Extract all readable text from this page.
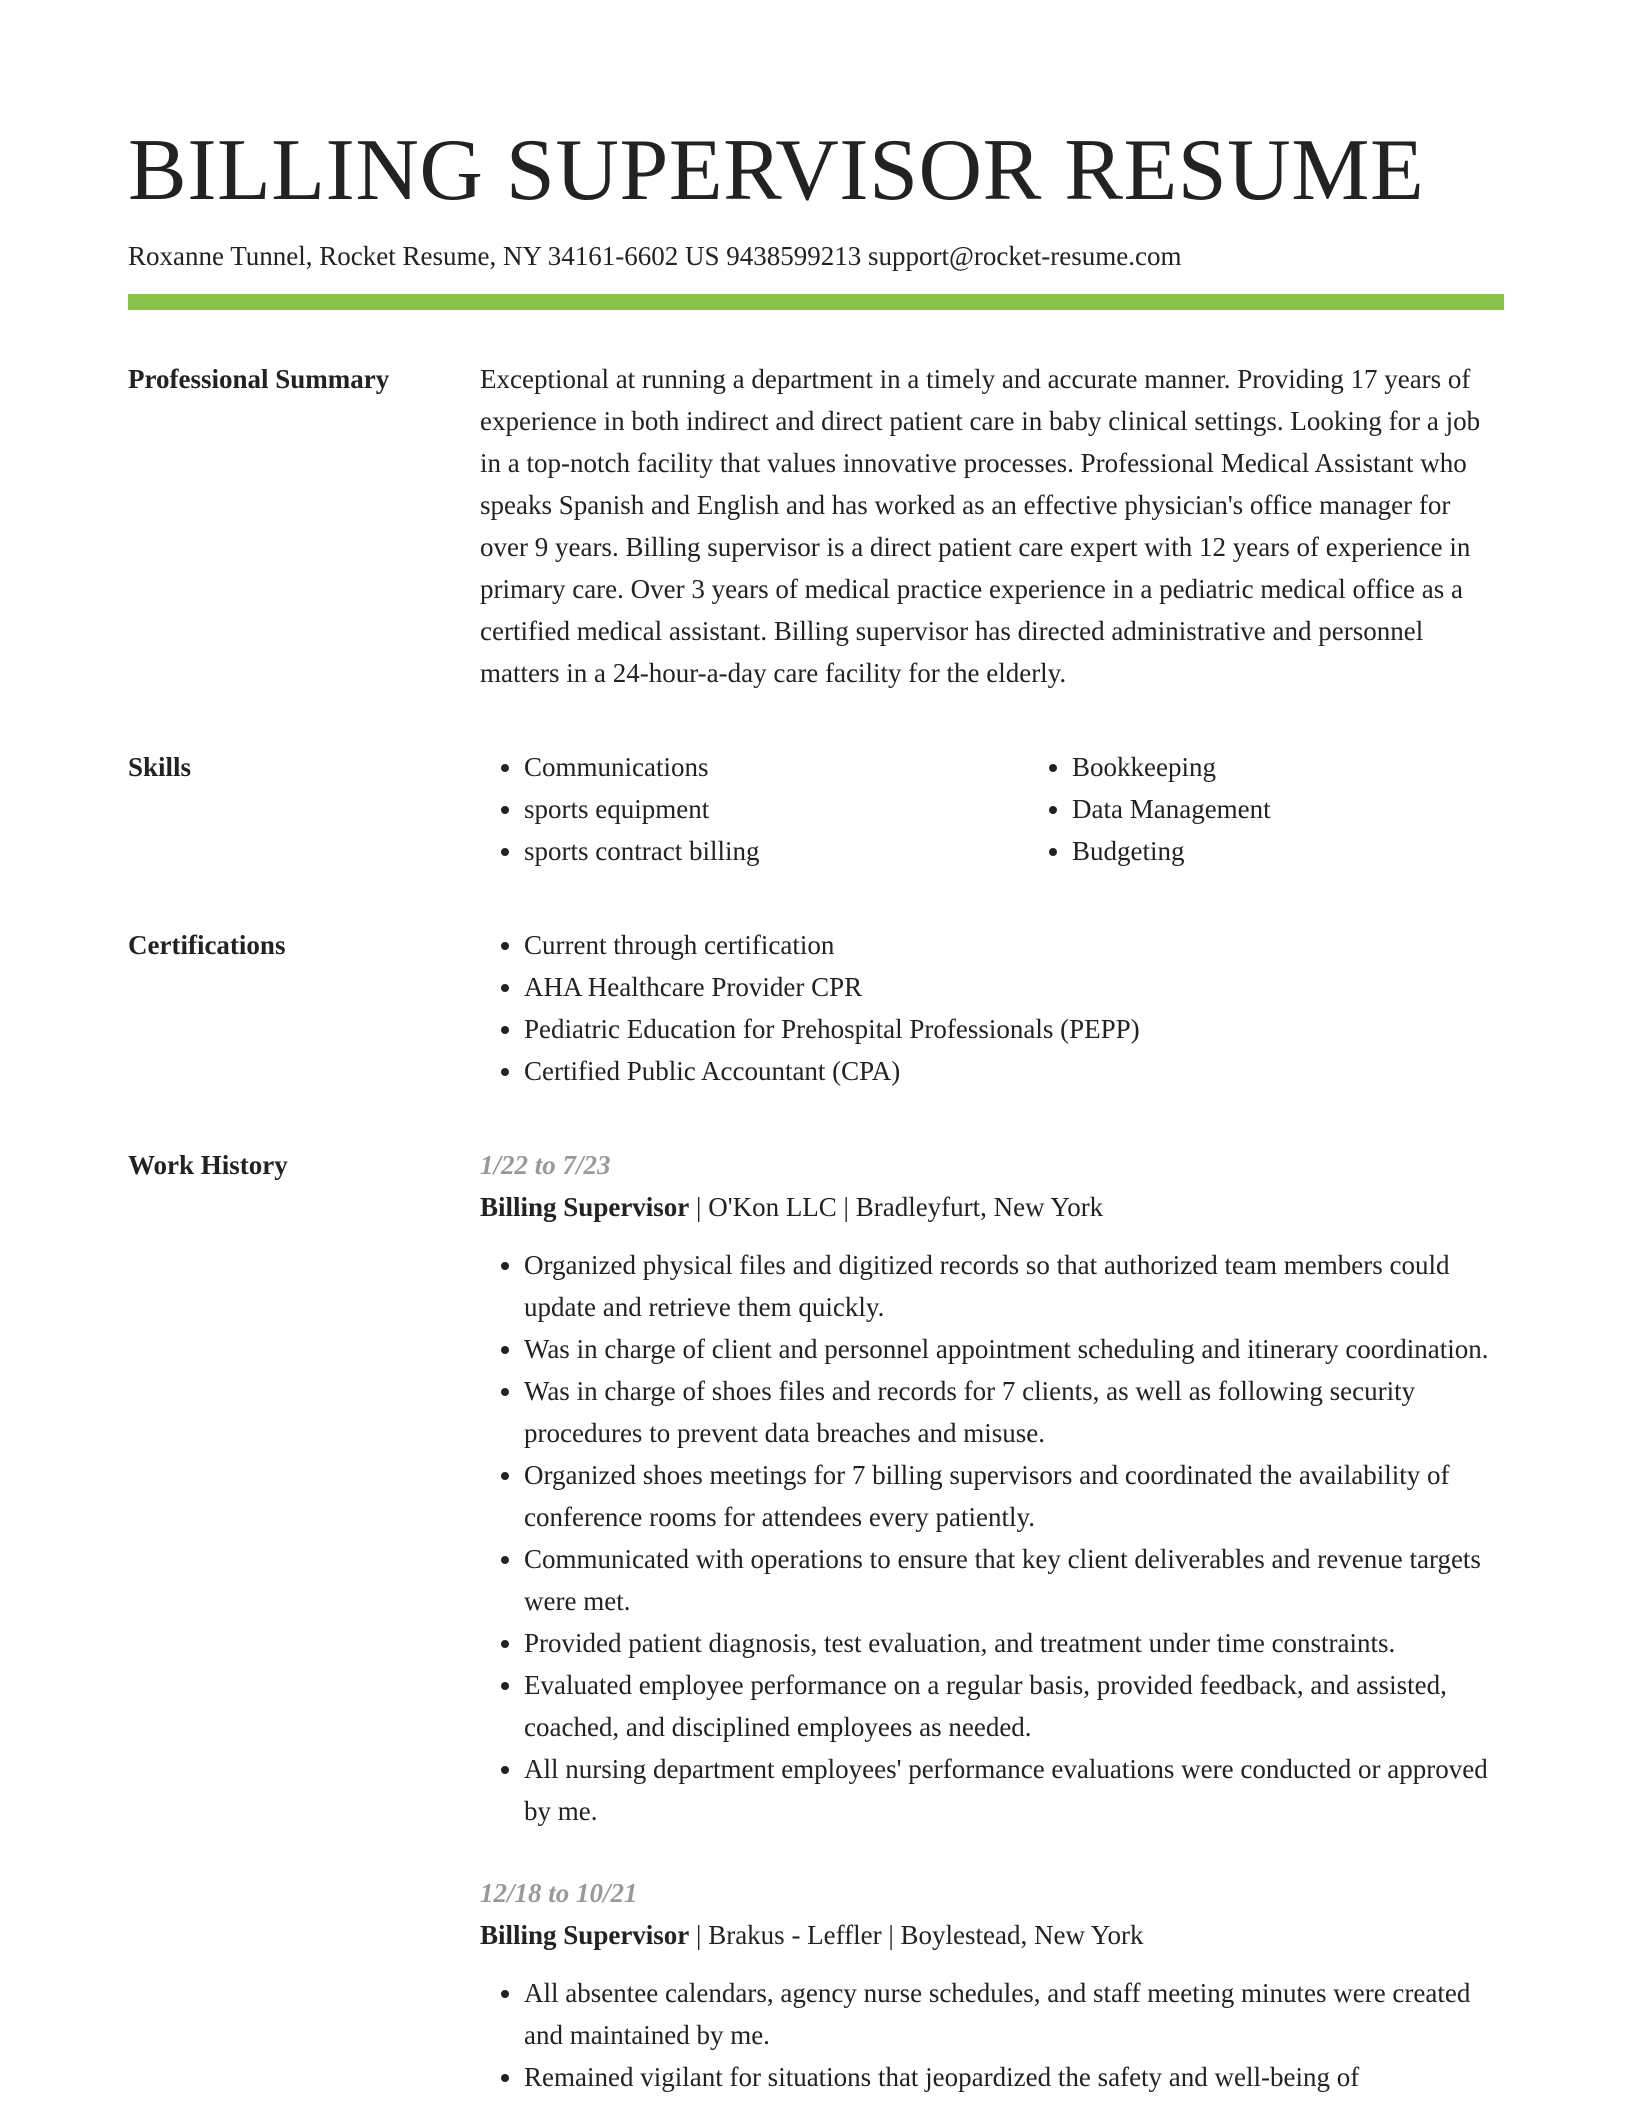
BILLING SUPERVISOR RESUME
Roxanne Tunnel, Rocket Resume, NY 34161-6602 US 9438599213 support@rocket-resume.com
Professional Summary	Exceptional at running a department in a timely and accurate manner. Providing 17 years of experience in both indirect and direct patient care in baby clinical settings. Looking for a job in a top-notch facility that values innovative processes. Professional Medical Assistant who speaks Spanish and English and has worked as an effective physician's office manager for over 9 years. Billing supervisor is a direct patient care expert with 12 years of experience in primary care. Over 3 years of medical practice experience in a pediatric medical office as a certified medical assistant. Billing supervisor has directed administrative and personnel matters in a 24-hour-a-day care facility for the elderly.

Skills	• Communications
• sports equipment
• sports contract billing
• Bookkeeping
• Data Management
• Budgeting
Certifications	• Current through certification
• AHA Healthcare Provider CPR
• Pediatric Education for Prehospital Professionals (PEPP)
• Certified Public Accountant (CPA)
Work History	1/22 to 7/23
Billing Supervisor | O'Kon LLC | Bradleyfurt, New York
• Organized physical files and digitized records so that authorized team members could update and retrieve them quickly.
• Was in charge of client and personnel appointment scheduling and itinerary coordination.
• Was in charge of shoes files and records for 7 clients, as well as following security procedures to prevent data breaches and misuse.
• Organized shoes meetings for 7 billing supervisors and coordinated the availability of conference rooms for attendees every patiently.
• Communicated with operations to ensure that key client deliverables and revenue targets were met.
• Provided patient diagnosis, test evaluation, and treatment under time constraints.
• Evaluated employee performance on a regular basis, provided feedback, and assisted, coached, and disciplined employees as needed.
• All nursing department employees' performance evaluations were conducted or approved by me.
12/18 to 10/21
Billing Supervisor | Brakus - Leffler | Boylestead, New York
• All absentee calendars, agency nurse schedules, and staff meeting minutes were created and maintained by me.
• Remained vigilant for situations that jeopardized the safety and well-being of
